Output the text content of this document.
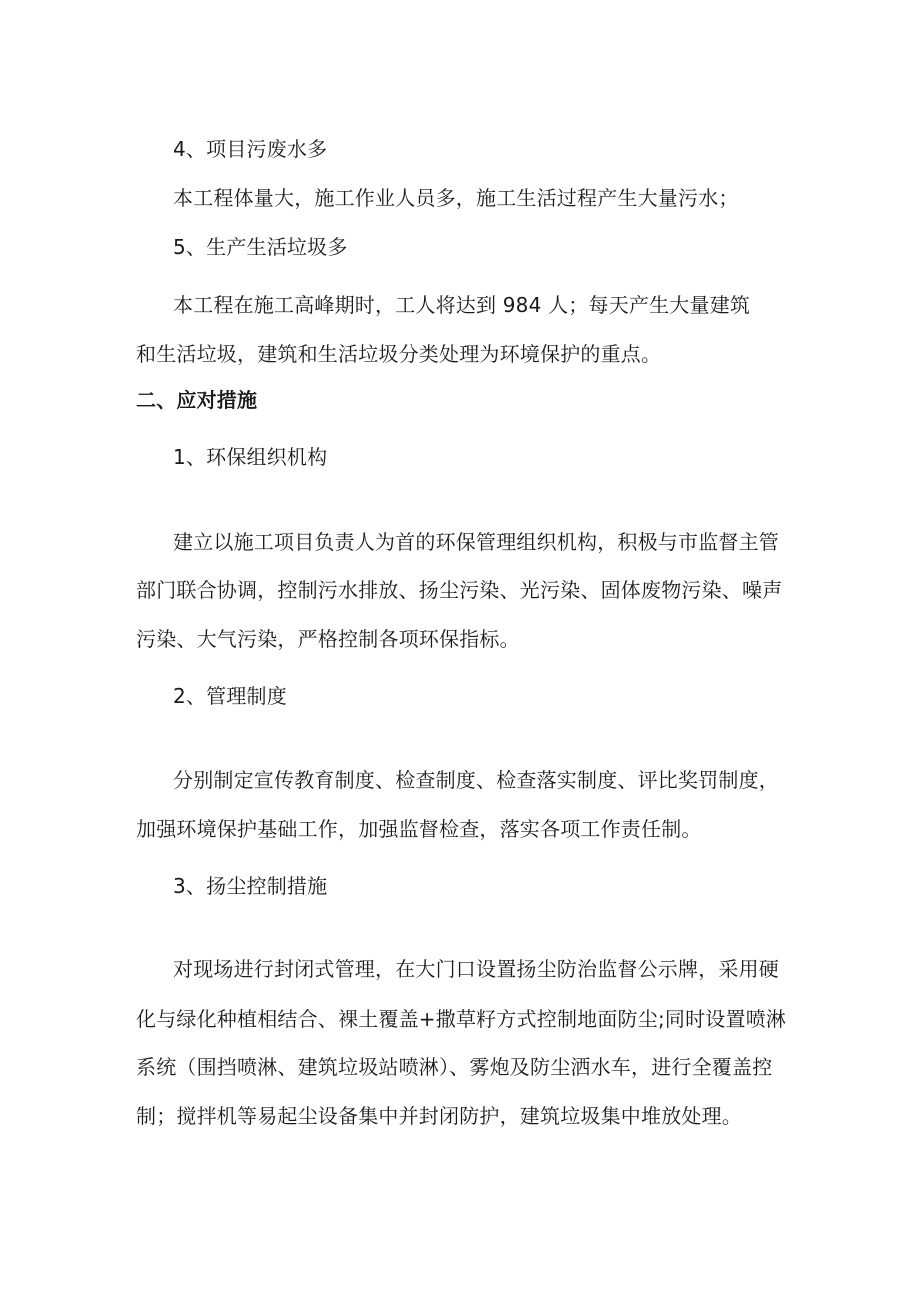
4、项目污废水多
本工程体量大，施工作业人员多，施工生活过程产生大量污水；
5、生产生活垃圾多
本工程在施工高峰期时，工人将达到 984 人；每天产生大量建筑
和生活垃圾，建筑和生活垃圾分类处理为环境保护的重点。
二、应对措施
1、环保组织机构
建立以施工项目负责人为首的环保管理组织机构，积极与市监督主管
部门联合协调，控制污水排放、扬尘污染、光污染、固体废物污染、噪声
污染、大气污染，严格控制各项环保指标。
2、管理制度
分别制定宣传教育制度、检查制度、检查落实制度、评比奖罚制度，
加强环境保护基础工作，加强监督检查，落实各项工作责任制。
3、扬尘控制措施
对现场进行封闭式管理，在大门口设置扬尘防治监督公示牌，采用硬
化与绿化种植相结合、裸土覆盖+撒草籽方式控制地面防尘;同时设置喷淋
系统（围挡喷淋、建筑垃圾站喷淋）、雾炮及防尘洒水车，进行全覆盖控
制；搅拌机等易起尘设备集中并封闭防护，建筑垃圾集中堆放处理。
